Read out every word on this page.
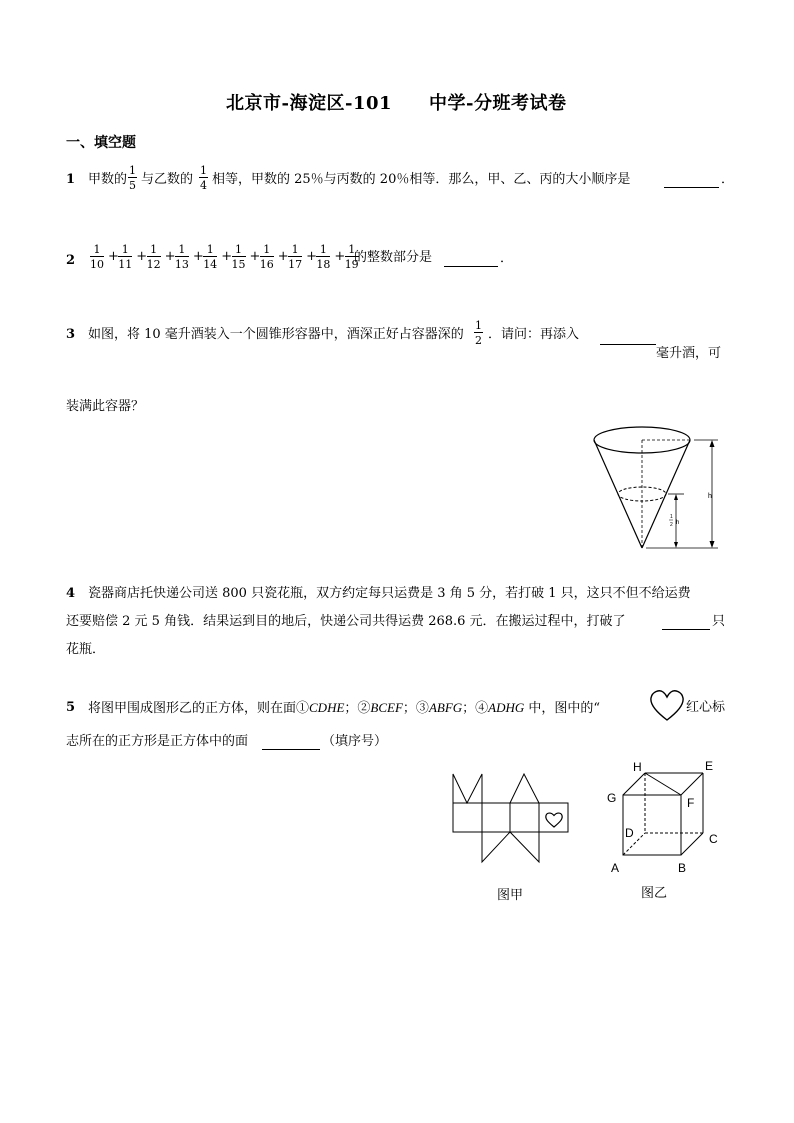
北京市-海淀区-101　　中学-分班考试卷
一、填空题
1 甲数的 $\frac{1}{5}$ 与乙数的 $\frac{1}{4}$ 相等，甲数的 25％与丙数的 20％相等．那么，甲、乙、丙的大小顺序是	．
$2 \frac{1}{10} + \frac{1}{11} + \frac{1}{12} + \frac{1}{13} + \frac{1}{14} + \frac{1}{15} + \frac{1}{16} + \frac{1}{17} + \frac{1}{18} + \frac{1}{19}$
的整数部分是	．
3 如图，将 10 毫升酒装入一个圆锥形容器中，酒深正好占容器深的 $\frac{1}{2}$ ．请问：再添入
毫升酒，可
装满此容器？
h
1
2 h
4 瓷器商店托快递公司送 800 只瓷花瓶，双方约定每只运费是 3 角 5 分，若打破 1 只，这只不但不给运费
还要赔偿 2 元 5 角钱．结果运到目的地后，快递公司共得运费 268.6 元．在搬运过程中，打破了	只
花瓶．
5 将图甲围成图形乙的正方体，则在面①CDHE；②BCEF；③ABFG；④ADHG 中，图中的“	红心标
志所在的正方形是正方体中的面	（填序号）
图甲
H	E
G	F
D	C
A	B
图乙
